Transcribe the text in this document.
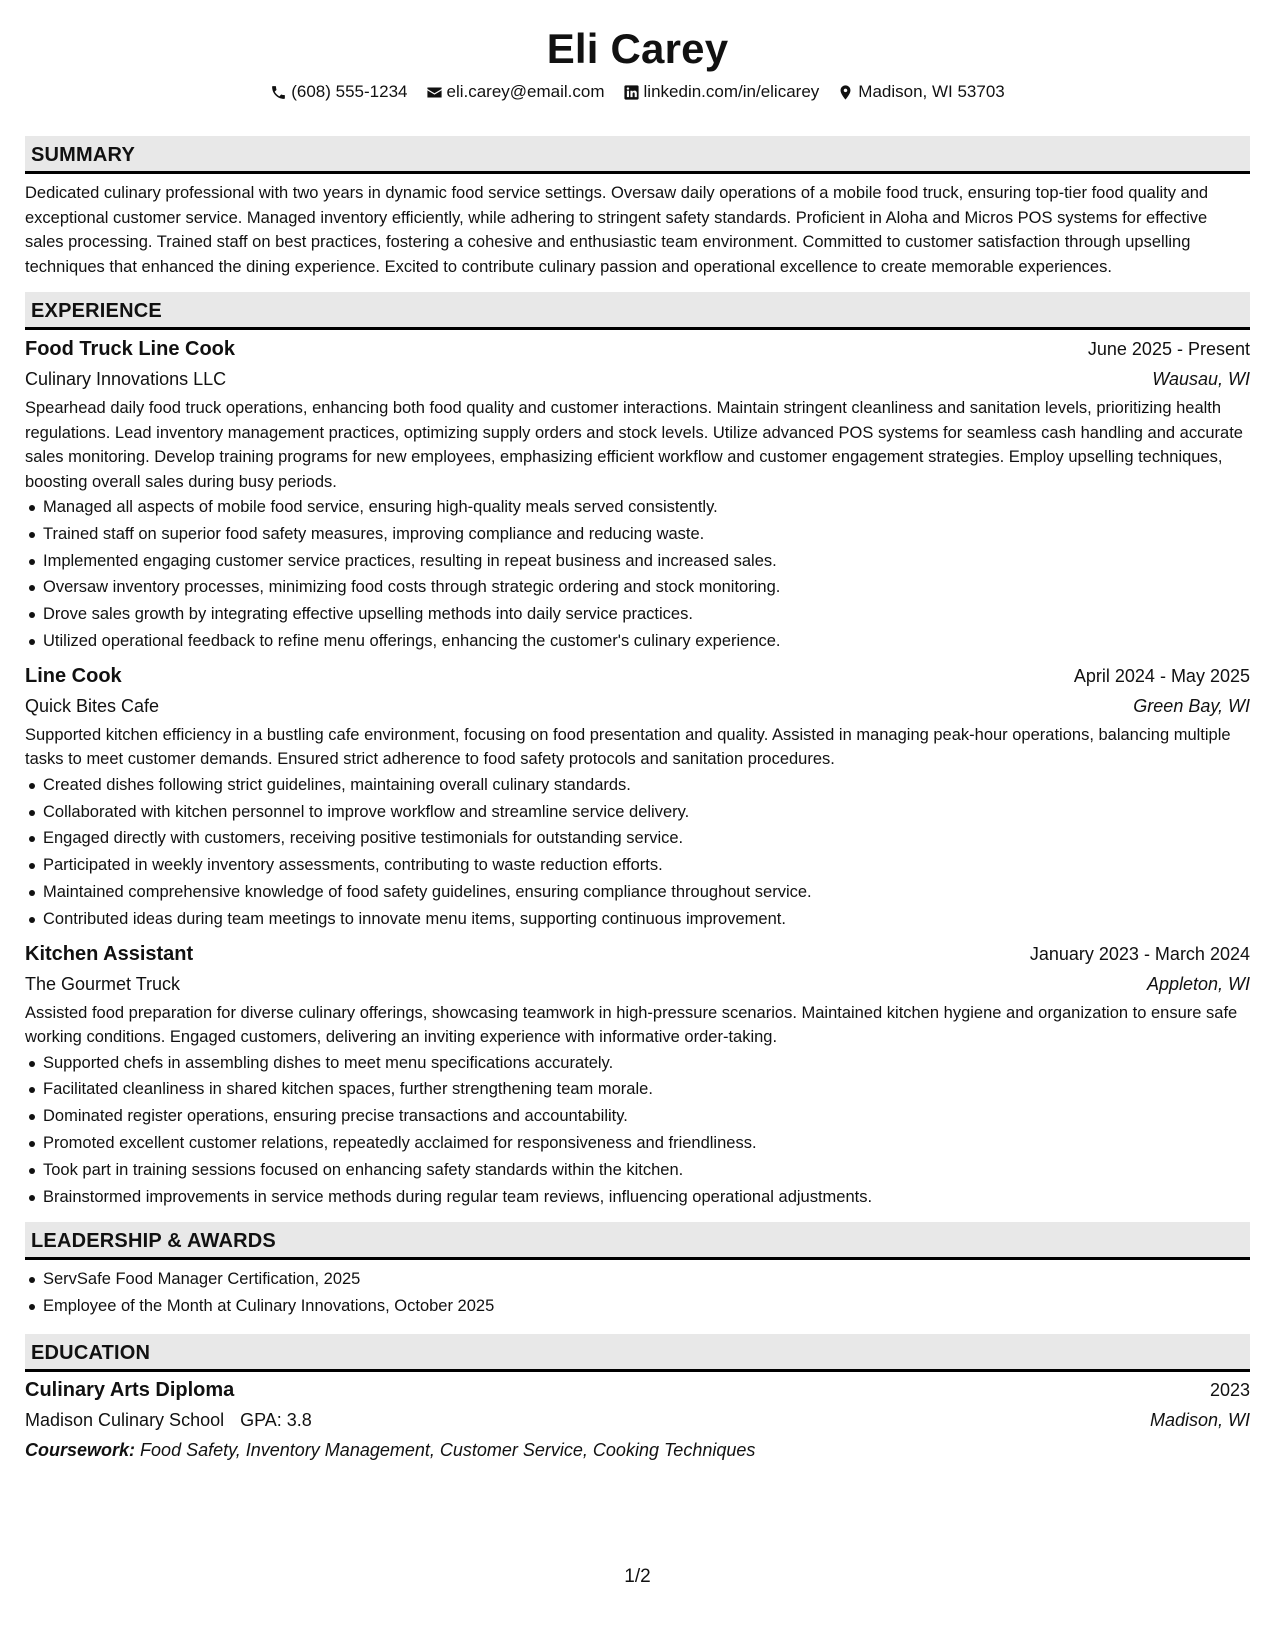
Eli Carey
(608) 555-1234 eli.carey@email.com linkedin.com/in/elicarey Madison, WI 53703
SUMMARY

Dedicated culinary professional with two years in dynamic food service settings. Oversaw daily operations of a mobile food truck, ensuring top-tier food quality and exceptional customer service. Managed inventory efficiently, while adhering to stringent safety standards. Proficient in Aloha and Micros POS systems for effective sales processing. Trained staff on best practices, fostering a cohesive and enthusiastic team environment. Committed to customer satisfaction through upselling techniques that enhanced the dining experience. Excited to contribute culinary passion and operational excellence to create memorable experiences.

EXPERIENCE
Food Truck Line Cook	June 2025 - Present
Culinary Innovations LLC	Wausau, WI

Spearhead daily food truck operations, enhancing both food quality and customer interactions. Maintain stringent cleanliness and sanitation levels, prioritizing health regulations. Lead inventory management practices, optimizing supply orders and stock levels. Utilize advanced POS systems for seamless cash handling and accurate sales monitoring. Develop training programs for new employees, emphasizing efficient workflow and customer engagement strategies. Employ upselling techniques, boosting overall sales during busy periods.

Managed all aspects of mobile food service, ensuring high-quality meals served consistently.
Trained staff on superior food safety measures, improving compliance and reducing waste.
Implemented engaging customer service practices, resulting in repeat business and increased sales.
Oversaw inventory processes, minimizing food costs through strategic ordering and stock monitoring.
Drove sales growth by integrating effective upselling methods into daily service practices.
Utilized operational feedback to refine menu offerings, enhancing the customer's culinary experience.
Line Cook	April 2024 - May 2025
Quick Bites Cafe	Green Bay, WI

Supported kitchen efficiency in a bustling cafe environment, focusing on food presentation and quality. Assisted in managing peak-hour operations, balancing multiple tasks to meet customer demands. Ensured strict adherence to food safety protocols and sanitation procedures.

Created dishes following strict guidelines, maintaining overall culinary standards.
Collaborated with kitchen personnel to improve workflow and streamline service delivery.
Engaged directly with customers, receiving positive testimonials for outstanding service.
Participated in weekly inventory assessments, contributing to waste reduction efforts.
Maintained comprehensive knowledge of food safety guidelines, ensuring compliance throughout service.
Contributed ideas during team meetings to innovate menu items, supporting continuous improvement.
Kitchen Assistant	January 2023 - March 2024
The Gourmet Truck	Appleton, WI

Assisted food preparation for diverse culinary offerings, showcasing teamwork in high-pressure scenarios. Maintained kitchen hygiene and organization to ensure safe working conditions. Engaged customers, delivering an inviting experience with informative order-taking.

Supported chefs in assembling dishes to meet menu specifications accurately.
Facilitated cleanliness in shared kitchen spaces, further strengthening team morale.
Dominated register operations, ensuring precise transactions and accountability.
Promoted excellent customer relations, repeatedly acclaimed for responsiveness and friendliness.
Took part in training sessions focused on enhancing safety standards within the kitchen.
Brainstormed improvements in service methods during regular team reviews, influencing operational adjustments.
LEADERSHIP & AWARDS
ServSafe Food Manager Certification, 2025
Employee of the Month at Culinary Innovations, October 2025
EDUCATION
Culinary Arts Diploma	2023
Madison Culinary School GPA: 3.8	Madison, WI
Coursework: Food Safety, Inventory Management, Customer Service, Cooking Techniques
1/2
